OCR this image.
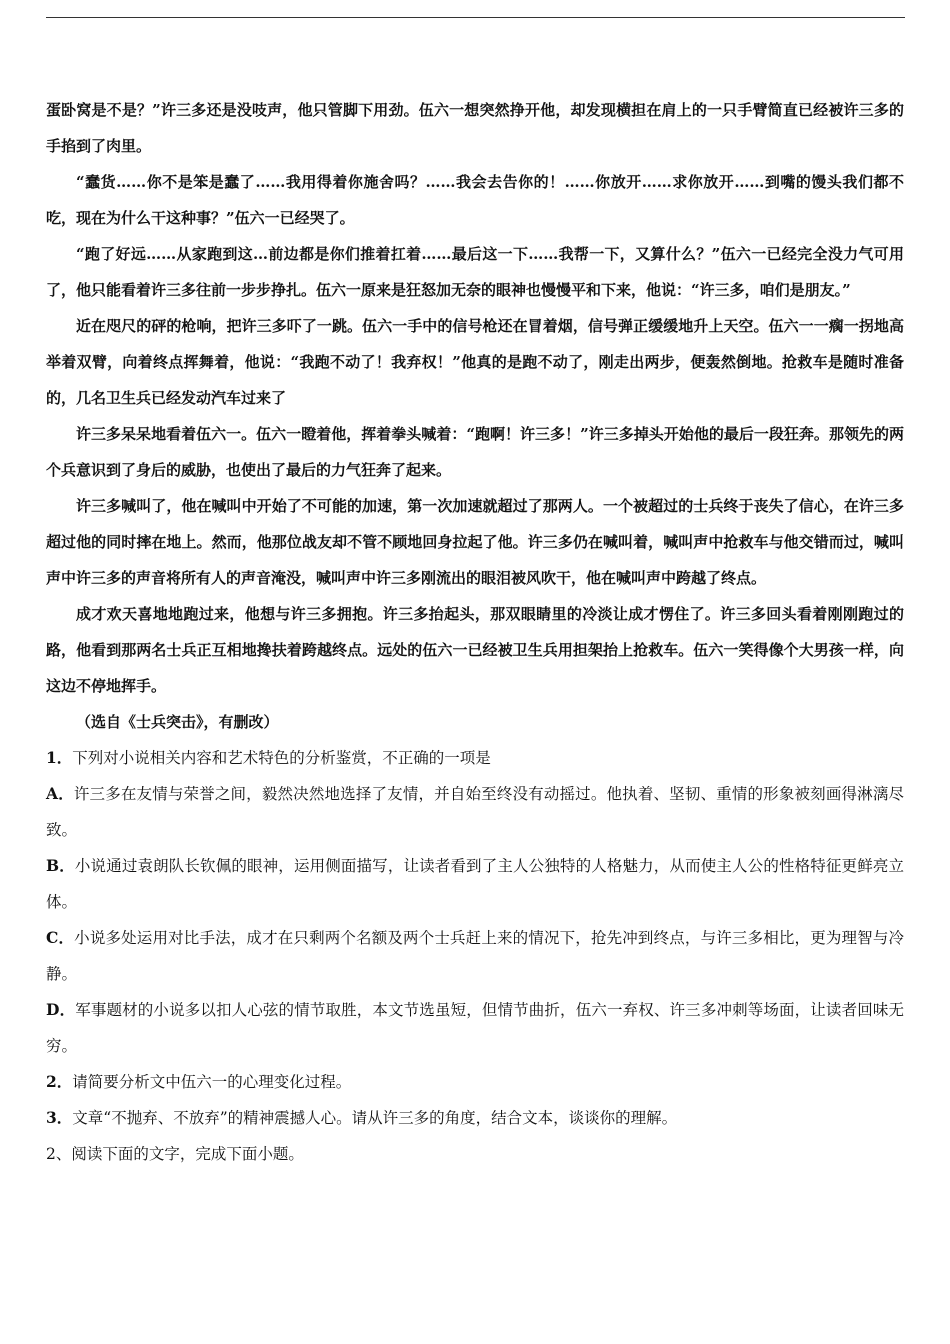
蛋卧窝是不是？”许三多还是没吱声，他只管脚下用劲。伍六一想突然挣开他，却发现横担在肩上的一只手臂简直已经被许三多的手掐到了肉里。

“蠢货……你不是笨是蠢了……我用得着你施舍吗？……我会去告你的！……你放开……求你放开……到嘴的馒头我们都不吃，现在为什么干这种事？”伍六一已经哭了。

“跑了好远……从家跑到这…前边都是你们推着扛着……最后这一下……我帮一下，又算什么？”伍六一已经完全没力气可用了，他只能看着许三多往前一步步挣扎。伍六一原来是狂怒加无奈的眼神也慢慢平和下来，他说：“许三多，咱们是朋友。”

近在咫尺的砰的枪响，把许三多吓了一跳。伍六一手中的信号枪还在冒着烟，信号弹正缓缓地升上天空。伍六一一瘸一拐地高举着双臂，向着终点挥舞着，他说：“我跑不动了！我弃权！”他真的是跑不动了，刚走出两步，便轰然倒地。抢救车是随时准备的，几名卫生兵已经发动汽车过来了

许三多呆呆地看着伍六一。伍六一瞪着他，挥着拳头喊着：“跑啊！许三多！”许三多掉头开始他的最后一段狂奔。那领先的两个兵意识到了身后的威胁，也使出了最后的力气狂奔了起来。

许三多喊叫了，他在喊叫中开始了不可能的加速，第一次加速就超过了那两人。一个被超过的士兵终于丧失了信心，在许三多超过他的同时摔在地上。然而，他那位战友却不管不顾地回身拉起了他。许三多仍在喊叫着，喊叫声中抢救车与他交错而过，喊叫声中许三多的声音将所有人的声音淹没，喊叫声中许三多刚流出的眼泪被风吹干，他在喊叫声中跨越了终点。

成才欢天喜地地跑过来，他想与许三多拥抱。许三多抬起头，那双眼睛里的冷淡让成才愣住了。许三多回头看着刚刚跑过的路，他看到那两名士兵正互相地搀扶着跨越终点。远处的伍六一已经被卫生兵用担架抬上抢救车。伍六一笑得像个大男孩一样，向这边不停地挥手。

（选自《士兵突击》，有删改）

1．下列对小说相关内容和艺术特色的分析鉴赏，不正确的一项是

A．许三多在友情与荣誉之间，毅然决然地选择了友情，并自始至终没有动摇过。他执着、坚韧、重情的形象被刻画得淋漓尽致。

B．小说通过袁朗队长钦佩的眼神，运用侧面描写，让读者看到了主人公独特的人格魅力，从而使主人公的性格特征更鲜亮立体。

C．小说多处运用对比手法，成才在只剩两个名额及两个士兵赶上来的情况下，抢先冲到终点，与许三多相比，更为理智与冷静。

D．军事题材的小说多以扣人心弦的情节取胜，本文节选虽短，但情节曲折，伍六一弃权、许三多冲刺等场面，让读者回味无穷。

2．请简要分析文中伍六一的心理变化过程。

3．文章“不抛弃、不放弃”的精神震撼人心。请从许三多的角度，结合文本，谈谈你的理解。

2、阅读下面的文字，完成下面小题。
